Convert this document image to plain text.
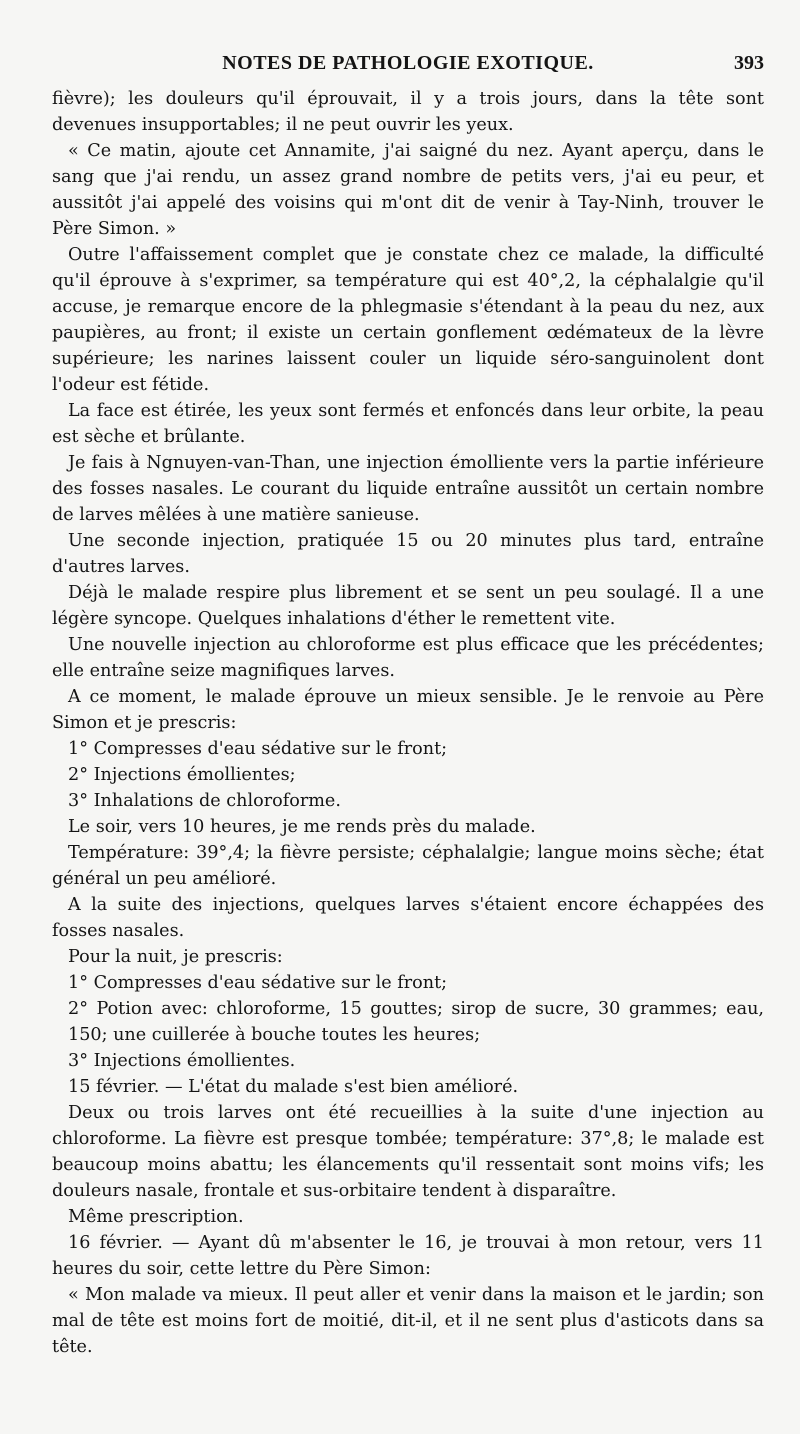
NOTES DE PATHOLOGIE EXOTIQUE.	393

fièvre); les douleurs qu'il éprouvait, il y a trois jours, dans la tête sont devenues insupportables; il ne peut ouvrir les yeux.

« Ce matin, ajoute cet Annamite, j'ai saigné du nez. Ayant aperçu, dans le sang que j'ai rendu, un assez grand nombre de petits vers, j'ai eu peur, et aussitôt j'ai appelé des voisins qui m'ont dit de venir à Tay-Ninh, trouver le Père Simon. »

Outre l'affaissement complet que je constate chez ce malade, la difficulté qu'il éprouve à s'exprimer, sa température qui est 40°,2, la céphalalgie qu'il accuse, je remarque encore de la phlegmasie s'étendant à la peau du nez, aux paupières, au front; il existe un certain gonflement œdémateux de la lèvre supérieure; les narines laissent couler un liquide séro-sanguinolent dont l'odeur est fétide.

La face est étirée, les yeux sont fermés et enfoncés dans leur orbite, la peau est sèche et brûlante.

Je fais à Ngnuyen-van-Than, une injection émolliente vers la partie inférieure des fosses nasales. Le courant du liquide entraîne aussitôt un certain nombre de larves mêlées à une matière sanieuse.

Une seconde injection, pratiquée 15 ou 20 minutes plus tard, entraîne d'autres larves.

Déjà le malade respire plus librement et se sent un peu soulagé. Il a une légère syncope. Quelques inhalations d'éther le remettent vite.

Une nouvelle injection au chloroforme est plus efficace que les précédentes; elle entraîne seize magnifiques larves.

A ce moment, le malade éprouve un mieux sensible. Je le renvoie au Père Simon et je prescris:

1° Compresses d'eau sédative sur le front;

2° Injections émollientes;

3° Inhalations de chloroforme.

Le soir, vers 10 heures, je me rends près du malade.

Température: 39°,4; la fièvre persiste; céphalalgie; langue moins sèche; état général un peu amélioré.

A la suite des injections, quelques larves s'étaient encore échappées des fosses nasales.

Pour la nuit, je prescris:

1° Compresses d'eau sédative sur le front;

2° Potion avec: chloroforme, 15 gouttes; sirop de sucre, 30 grammes; eau, 150; une cuillerée à bouche toutes les heures;

3° Injections émollientes.

15 février. — L'état du malade s'est bien amélioré.

Deux ou trois larves ont été recueillies à la suite d'une injection au chloroforme. La fièvre est presque tombée; température: 37°,8; le malade est beaucoup moins abattu; les élancements qu'il ressentait sont moins vifs; les douleurs nasale, frontale et sus-orbitaire tendent à disparaître.

Même prescription.

16 février. — Ayant dû m'absenter le 16, je trouvai à mon retour, vers 11 heures du soir, cette lettre du Père Simon:

« Mon malade va mieux. Il peut aller et venir dans la maison et le jardin; son mal de tête est moins fort de moitié, dit-il, et il ne sent plus d'asticots dans sa tête.
